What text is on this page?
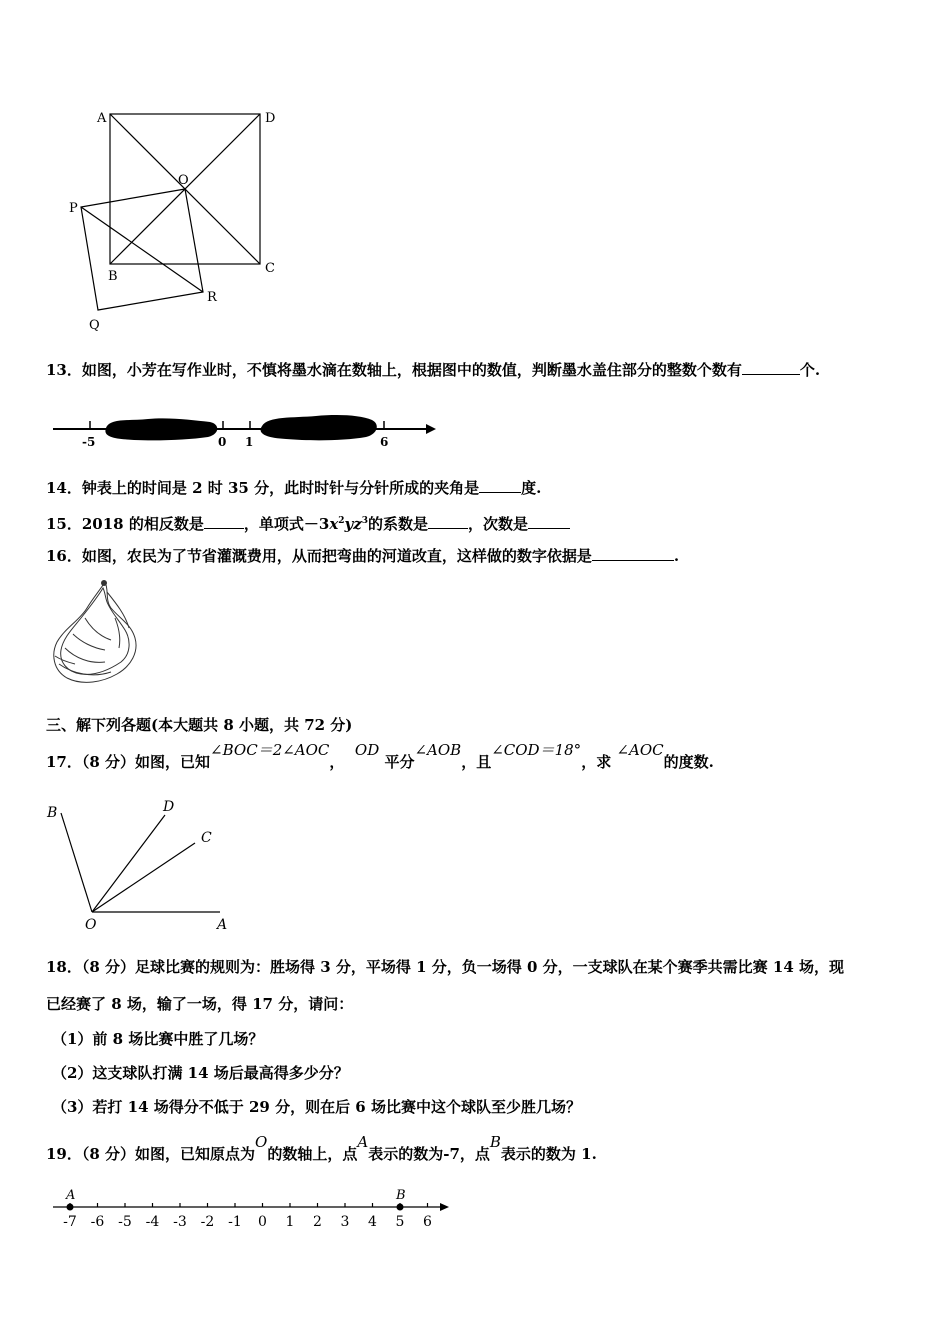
A	D
O
P
B
C
R
Q
13．如图，小芳在写作业时，不慎将墨水滴在数轴上，根据图中的数值，判断墨水盖住部分的整数个数有	个.
-5	0 1	6
14．钟表上的时间是 2 时 35 分，此时时针与分针所成的夹角是	度.
15．2018 的相反数是	，单项式$-3x^2yz^3$的系数是	，次数是
16．如图，农民为了节省灌溉费用，从而把弯曲的河道改直，这样做的数字依据是	.
三、解下列各题(本大题共 8 小题，共 72 分)
17．（8 分）如图，已知∠BOC＝2∠AOC，  OD 平分∠AOB，且∠COD＝18°，求 ∠AOC的度数.
B	D
C
O	A
18．（8 分）足球比赛的规则为：胜场得 3 分，平场得 1 分，负一场得 0 分，一支球队在某个赛季共需比赛 14 场，现
已经赛了 8 场，输了一场，得 17 分，请问：
（1）前 8 场比赛中胜了几场？
（2）这支球队打满 14 场后最高得多少分？
（3）若打 14 场得分不低于 29 分，则在后 6 场比赛中这个球队至少胜几场？
19．（8 分）如图，已知原点为O的数轴上，点A表示的数为-7，点B表示的数为 1.
-7 -6 -5 -4 -3 -2 -1 0 1 2 3 4 5 6
A	B
